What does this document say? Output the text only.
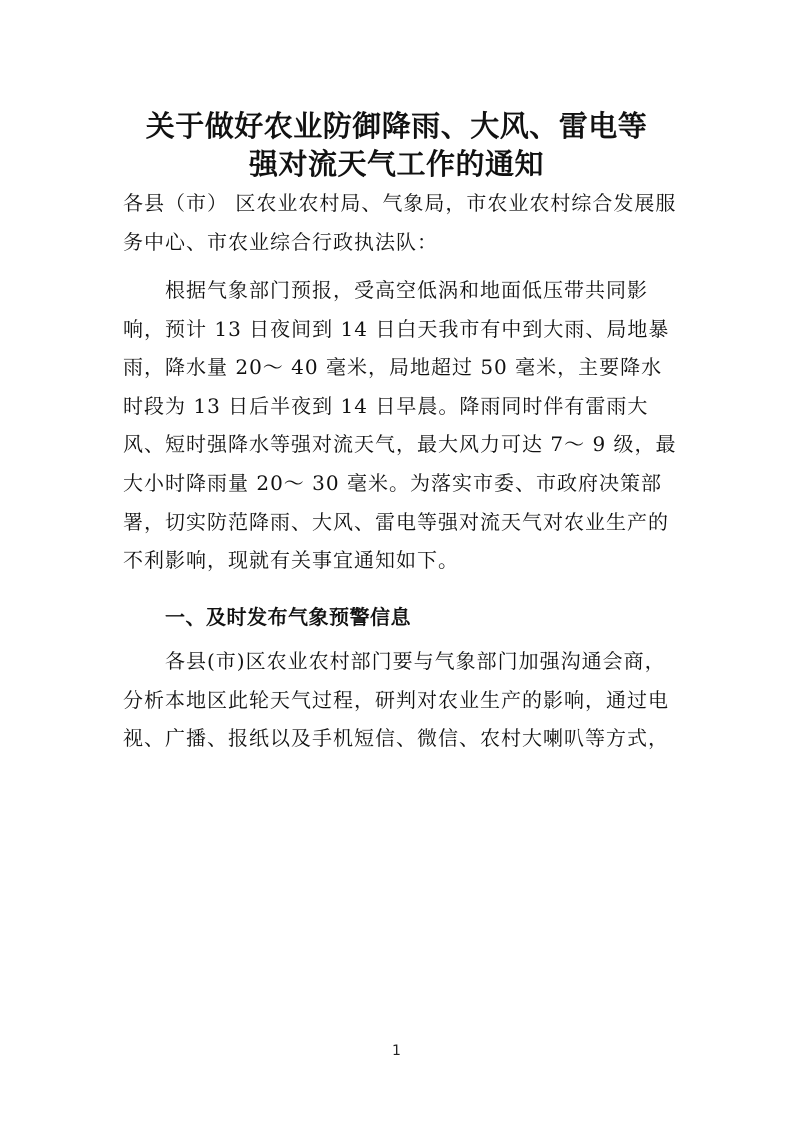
关于做好农业防御降雨、大风、雷电等
强对流天气工作的通知

各县（市） 区农业农村局、气象局，市农业农村综合发展服务中心、市农业综合行政执法队：

根据气象部门预报，受高空低涡和地面低压带共同影响，预计 13 日夜间到 14 日白天我市有中到大雨、局地暴雨，降水量 20～ 40 毫米，局地超过 50 毫米，主要降水时段为 13 日后半夜到 14 日早晨。降雨同时伴有雷雨大风、短时强降水等强对流天气，最大风力可达 7～ 9 级，最大小时降雨量 20～ 30 毫米。为落实市委、市政府决策部署，切实防范降雨、大风、雷电等强对流天气对农业生产的不利影响，现就有关事宜通知如下。

一、及时发布气象预警信息

各县(市)区农业农村部门要与气象部门加强沟通会商，分析本地区此轮天气过程，研判对农业生产的影响，通过电视、广播、报纸以及手机短信、微信、农村大喇叭等方式，

1
